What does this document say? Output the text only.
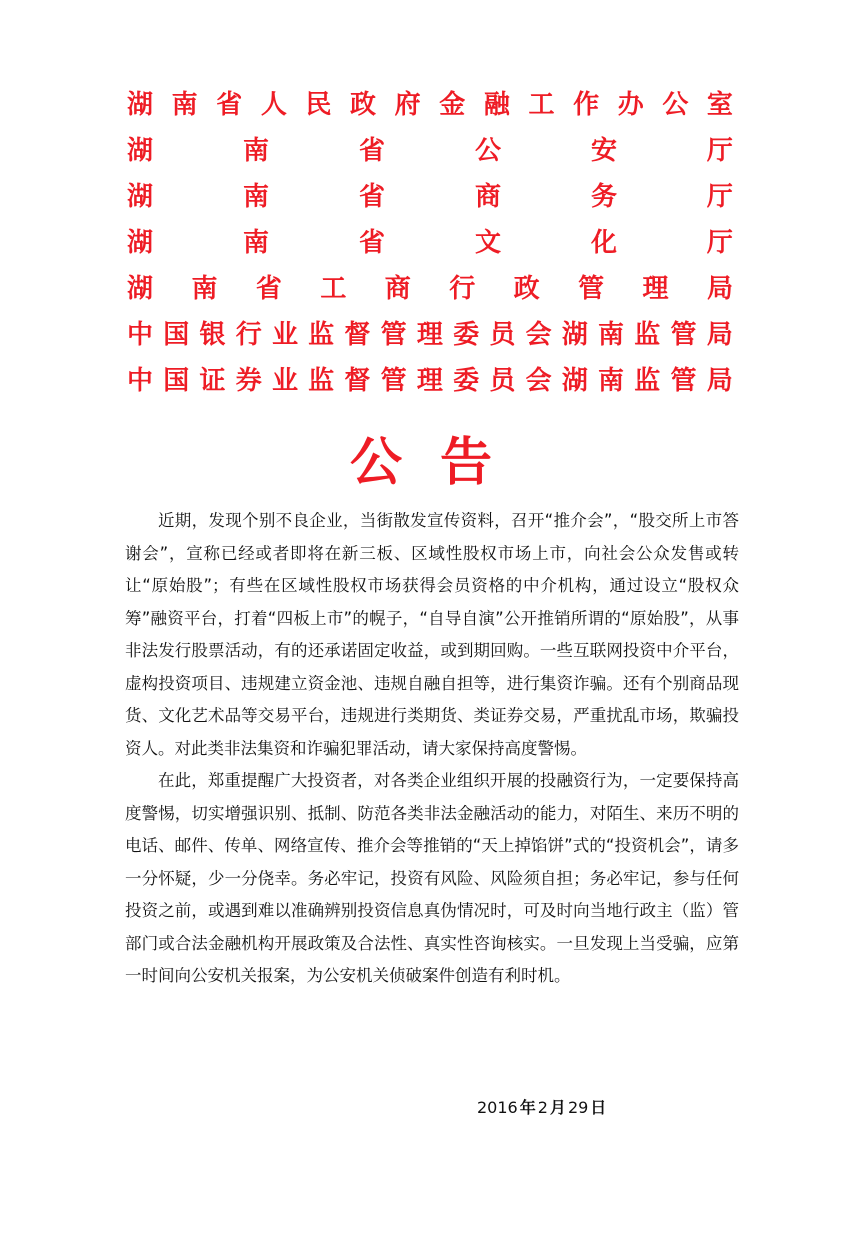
湖 南 省 人 民 政 府 金 融 工 作 办 公 室
湖	南	省	公	安	厅
湖	南	省	商	务	厅
湖	南	省	文	化	厅
湖 南 省 工 商 行 政 管 理 局
中 国 银 行 业 监 督 管 理 委 员 会 湖 南 监 管 局
中 国 证 券 业 监 督 管 理 委 员 会 湖 南 监 管 局
公告

近期，发现个别不良企业，当街散发宣传资料，召开“推介会”，“股交所上市答谢会”，宣称已经或者即将在新三板、区域性股权市场上市，向社会公众发售或转让“原始股”；有些在区域性股权市场获得会员资格的中介机构，通过设立“股权众筹”融资平台，打着“四板上市”的幌子，“自导自演”公开推销所谓的“原始股”，从事非法发行股票活动，有的还承诺固定收益，或到期回购。一些互联网投资中介平台，虚构投资项目、违规建立资金池、违规自融自担等，进行集资诈骗。还有个别商品现货、文化艺术品等交易平台，违规进行类期货、类证券交易，严重扰乱市场，欺骗投资人。对此类非法集资和诈骗犯罪活动，请大家保持高度警惕。

在此，郑重提醒广大投资者，对各类企业组织开展的投融资行为，一定要保持高度警惕，切实增强识别、抵制、防范各类非法金融活动的能力，对陌生、来历不明的电话、邮件、传单、网络宣传、推介会等推销的“天上掉馅饼”式的“投资机会”，请多一分怀疑，少一分侥幸。务必牢记，投资有风险、风险须自担；务必牢记，参与任何投资之前，或遇到难以准确辨别投资信息真伪情况时，可及时向当地行政主（监）管部门或合法金融机构开展政策及合法性、真实性咨询核实。一旦发现上当受骗，应第一时间向公安机关报案，为公安机关侦破案件创造有利时机。

2016 年 2 月 29 日
